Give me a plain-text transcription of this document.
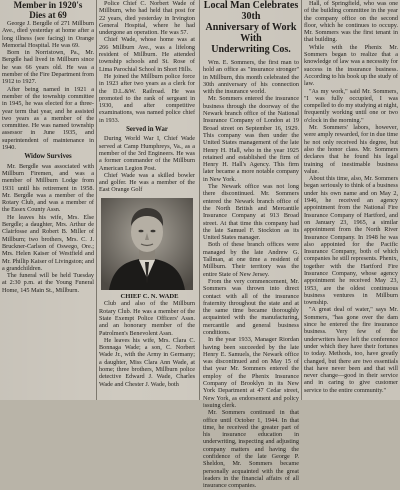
Member in 1920's

Dies at 69

George J. Bergdle of 271 Millburn Ave., died yesterday at home after a long illness (see facing) in Orange Memorial Hospital. He was 69.

Born in Norristown, Pa., Mr. Bergdle had lived in Millburn since he was 66 years old. He was a member of the Fire Department from 1912 to 1927.

After being named in 1921 a member of the township committee in 1945, he was elected for a three-year term that year, and he assisted two years as a member of the committee. He was named township assessor in June 1935, and superintendent of maintenance in 1940.

Widow Survives

Mr. Bergdle was associated with Millburn Firemen, and was a member of Millburn Lodge from 1931 until his retirement in 1958. Mr. Bergdle was a member of the Rotary Club, and was a member of the Essex County Assn.

He leaves his wife, Mrs. Else Bergdle; a daughter, Mrs. Arthur de Clairfosse and Robert B. Miller of Millburn; two brothers, Mrs. C. J. Bruckner-Carlson of Oswego, Ore.; Mrs. Helen Kaiser of Westfield and Mr. Phillip Kaiser of Livingston; and a grandchildren.

The funeral will be held Tuesday at 2:30 p.m. at the Young Funeral Home, 145 Main St., Millburn.

Police Chief C. Norbert Wade of Millburn, who had held that post for 22 years, died yesterday in Irvington General Hospital, where he had undergone an operation. He was 57.

Chief Wade, whose home was at 266 Millburn Ave., was a lifelong resident of Millburn. He attended township schools and St. Rose of Lima Parochial School in Short Hills.

He joined the Millburn police force in 1923 after two years as a clerk for the D.L.&W. Railroad. He was promoted to the rank of sergeant in 1930, and after competitive examinations, was named police chief in 1933.

Served in War

During World War I, Chief Wade served at Camp Humphreys, Va., as a member of the 3rd Engineers. He was a former commander of the Millburn American Legion Post.

Chief Wade was a skilled bowler and golfer. He was a member of the East Orange Golf

CHIEF C. N. WADE

Club and also of the Millburn Rotary Club. He was a member of the State Exempt Police Officers' Assn. and an honorary member of the Patrolmen's Benevolent Assn.

He leaves his wife, Mrs. Clara C. Bonnaga Wade; a son, C. Norbert Wade Jr., with the Army in Germany; a daughter, Miss Clara Ann Wade, at home; three brothers, Millburn police detective Edward J. Wade, Charles Wade and Chester J. Wade, both

Local Man Celebrates 30th

Anniversary of Work With

Underwriting Cos.

Wm. E. Sommers, the first man to hold an office as "insurance stronger" in Millburn, this month celebrated the 30th anniversary of his connection with the insurance world.

Mr. Sommers entered the insurance business through the doorway of the Newark branch office of the National Insurance Company of London at 19 Broad street on September 16, 1929. This company was then under the United States management of the late Henry H. Hall, who in the year 1925 retained and established the firm of Henry H. Hall's Agency. This firm later became a more notable company in New York.

The Newark office was not long there discontinued. Mr. Sommers entered the Newark branch office of the North British and Mercantile Insurance Company at 913 Broad street. At that time this company had the late Samuel F. Stockton as its United States manager.

Both of these branch offices were managed by the late Andrew G. Tallman, at one time a resident of Millburn. Their territory was the entire State of New Jersey.

From the very commencement, Mr. Sommers was thrown into direct contact with all of the insurance fraternity throughout the state and at the same time became thoroughly acquainted with the manufacturing, mercantile and general business conditions.

In the year 1933, Manager Riordan having been succeeded by the late Henry E. Samuels, the Newark office was discontinued and on May 15 of that year Mr. Sommers entered the employ of the Phenix Insurance Company of Brooklyn in its New York Department at 47 Cedar street, New York, as endorsement and policy issuing clerk.

Mr. Sommers continued in that office until October 1, 1944. In that time, he received the greater part of his insurance education in underwriting, inspecting and adjusting company matters and having the confidence of the late George P. Sheldon, Mr. Sommers became personally acquainted with the great leaders in the financial affairs of all insurance companies.

Hall, of Springfield, who was one of the building committee in the year the company office on the second floor, which he continues to occupy. Mr. Sommers was the first tenant in that building.

While with the Phenix Mr. Sommers began to realize that a knowledge of law was a necessity for success in the insurance business. According to his book up the study of law.

"As my work," said Mr. Sommers, "I was fully occupied, I was compelled to do my studying at night, frequently working until one or two o'clock in the morning."

Mr. Sommers' labors, however, were amply rewarded, for in due time he not only received his degree, but also the honor class. Mr. Sommers declares that he found his legal training of inestimable business value.

About this time, also, Mr. Sommers began seriously to think of a business under his own name and on May 2, 1946, he received an agency appointment from the National Fire Insurance Company of Hartford, and on January 23, 1965, a similar appointment from the North River Insurance Company. In 1948 he was also appointed for the Pacific Insurance Company, both of which companies he still represents. Phenix, together with the Hartford Fire Insurance Company, whose agency appointment he received May 23, 1953, are the oldest continuous business ventures in Millburn township.

"A great deal of water," says Mr. Sommers, "has gone over the dam since he entered the fire insurance business. Very few of the underwriters have left the conference under which they have their fortunes to today. Methods, too, have greatly changed, but there are two essentials that have never been and that will never change—good in their service and in caring to give customer service to the entire community."
